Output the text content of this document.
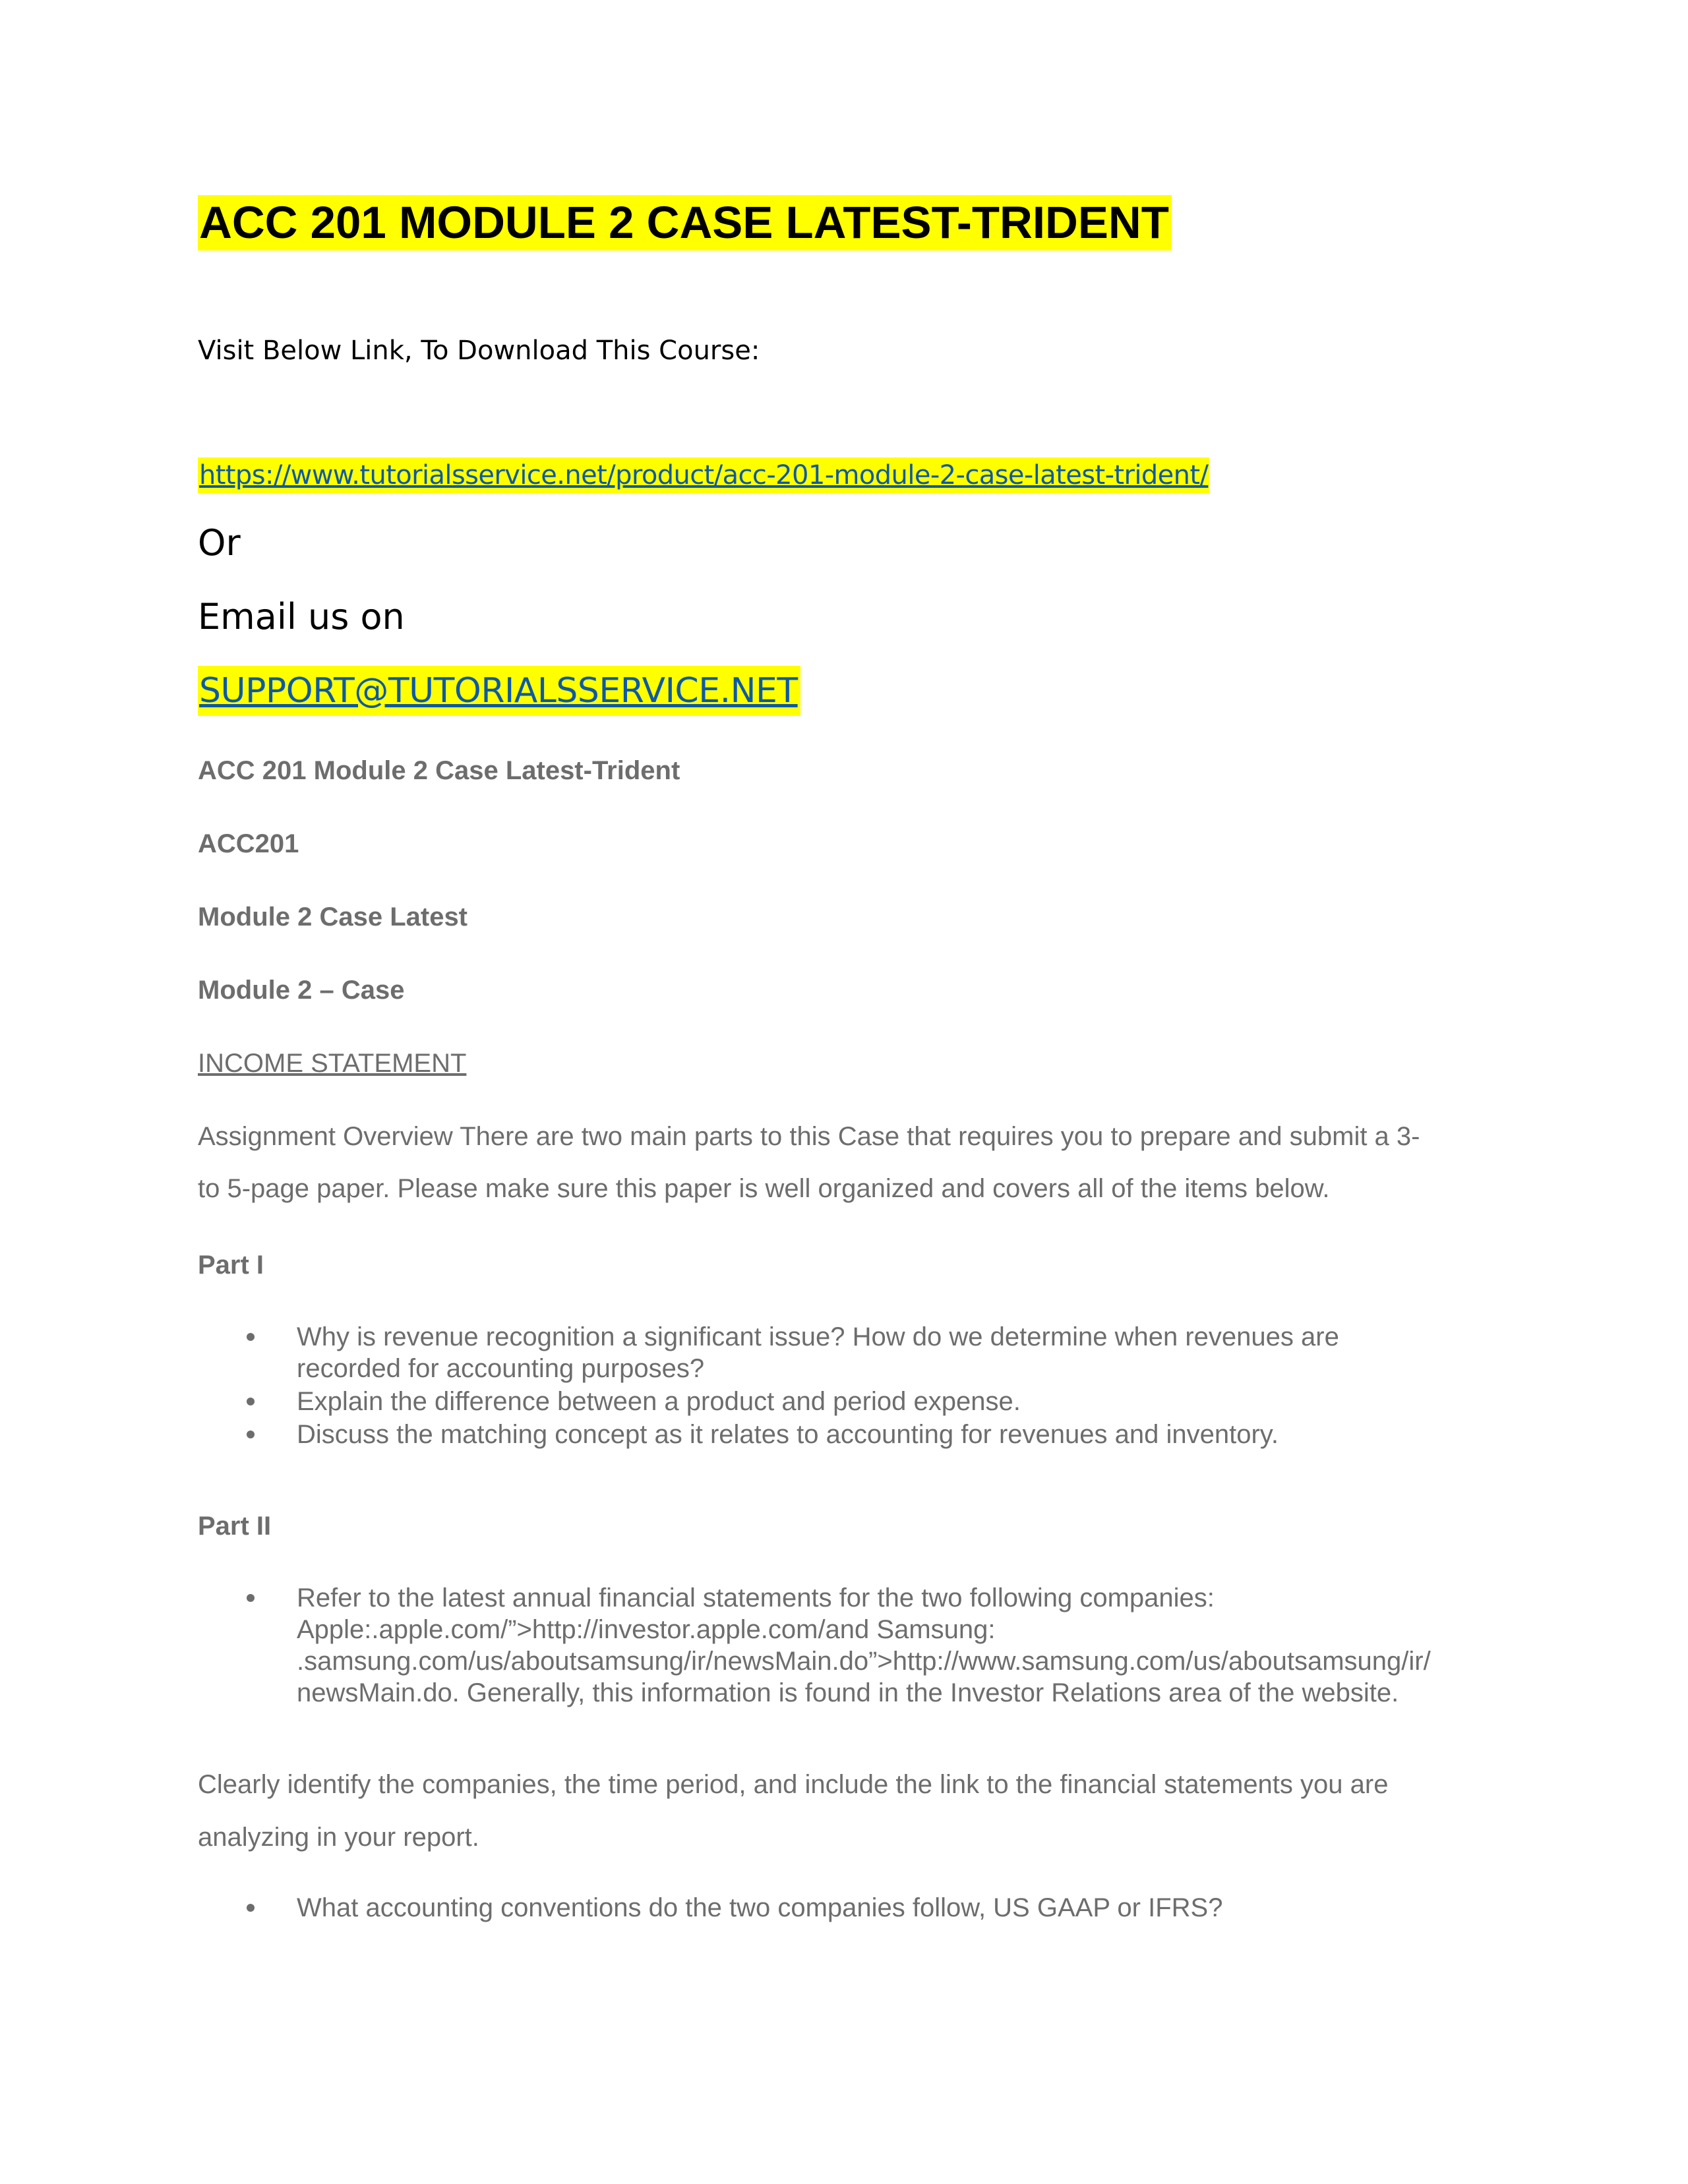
ACC 201 MODULE 2 CASE LATEST-TRIDENT
Visit Below Link, To Download This Course:
https://www.tutorialsservice.net/product/acc-201-module-2-case-latest-trident/
Or
Email us on
SUPPORT@TUTORIALSSERVICE.NET
ACC 201 Module 2 Case Latest-Trident
ACC201
Module 2 Case Latest
Module 2 – Case
INCOME STATEMENT
Assignment Overview There are two main parts to this Case that requires you to prepare and submit a 3-
to 5-page paper. Please make sure this paper is well organized and covers all of the items below.
Part I
Why is revenue recognition a significant issue? How do we determine when revenues are
recorded for accounting purposes?
Explain the difference between a product and period expense.
Discuss the matching concept as it relates to accounting for revenues and inventory.
Part II
Refer to the latest annual financial statements for the two following companies:
Apple:.apple.com/”>http://investor.apple.com/and Samsung:
.samsung.com/us/aboutsamsung/ir/newsMain.do”>http://www.samsung.com/us/aboutsamsung/ir/
newsMain.do. Generally, this information is found in the Investor Relations area of the website.
Clearly identify the companies, the time period, and include the link to the financial statements you are
analyzing in your report.
What accounting conventions do the two companies follow, US GAAP or IFRS?
